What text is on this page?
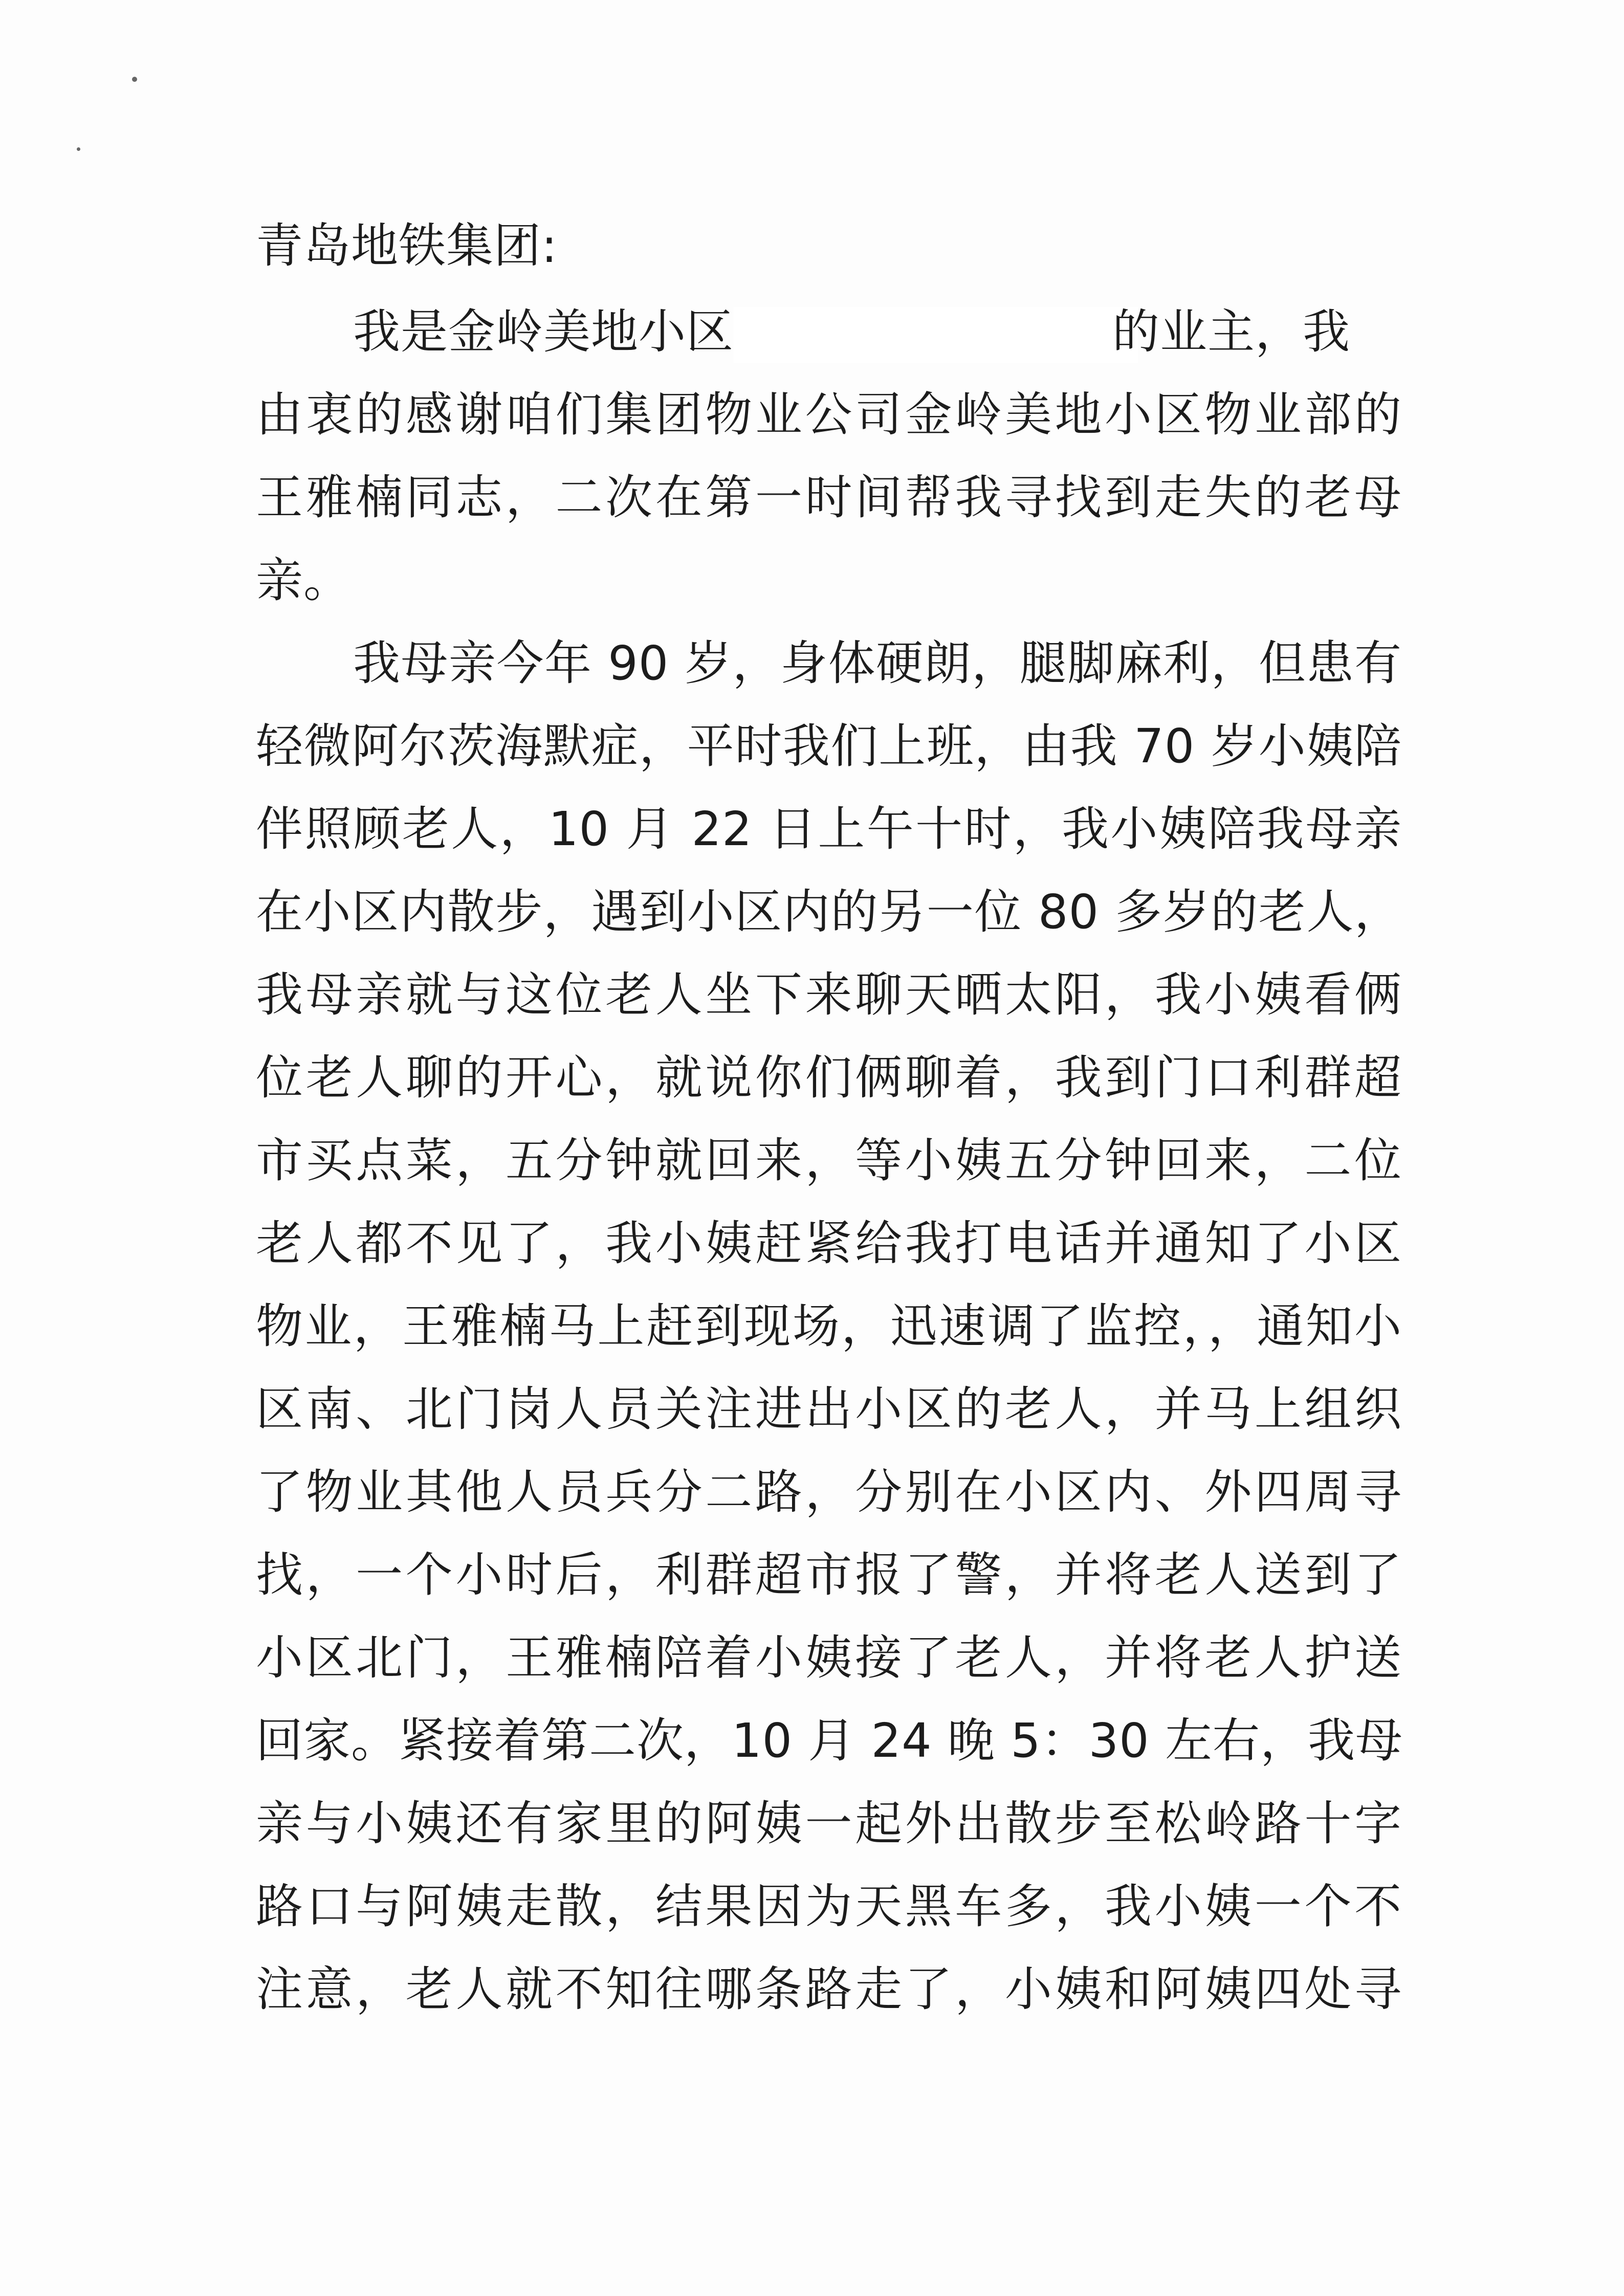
青岛地铁集团:
我是金岭美地小区	的业主，我
由衷的感谢咱们集团物业公司金岭美地小区物业部的
王雅楠同志，二次在第一时间帮我寻找到走失的老母
亲。
我母亲今年 90 岁，身体硬朗，腿脚麻利，但患有
轻微阿尔茨海默症，平时我们上班，由我 70 岁小姨陪
伴照顾老人，10 月 22 日上午十时，我小姨陪我母亲
在小区内散步，遇到小区内的另一位 80 多岁的老人，
我母亲就与这位老人坐下来聊天晒太阳，我小姨看俩
位老人聊的开心，就说你们俩聊着，我到门口利群超
市买点菜，五分钟就回来，等小姨五分钟回来，二位
老人都不见了，我小姨赶紧给我打电话并通知了小区
物业，王雅楠马上赶到现场，迅速调了监控，，通知小
区南、北门岗人员关注进出小区的老人，并马上组织
了物业其他人员兵分二路，分别在小区内、外四周寻
找，一个小时后，利群超市报了警，并将老人送到了
小区北门，王雅楠陪着小姨接了老人，并将老人护送
回家。紧接着第二次，10 月 24 晚 5：30 左右，我母
亲与小姨还有家里的阿姨一起外出散步至松岭路十字
路口与阿姨走散，结果因为天黑车多，我小姨一个不
注意，老人就不知往哪条路走了，小姨和阿姨四处寻
